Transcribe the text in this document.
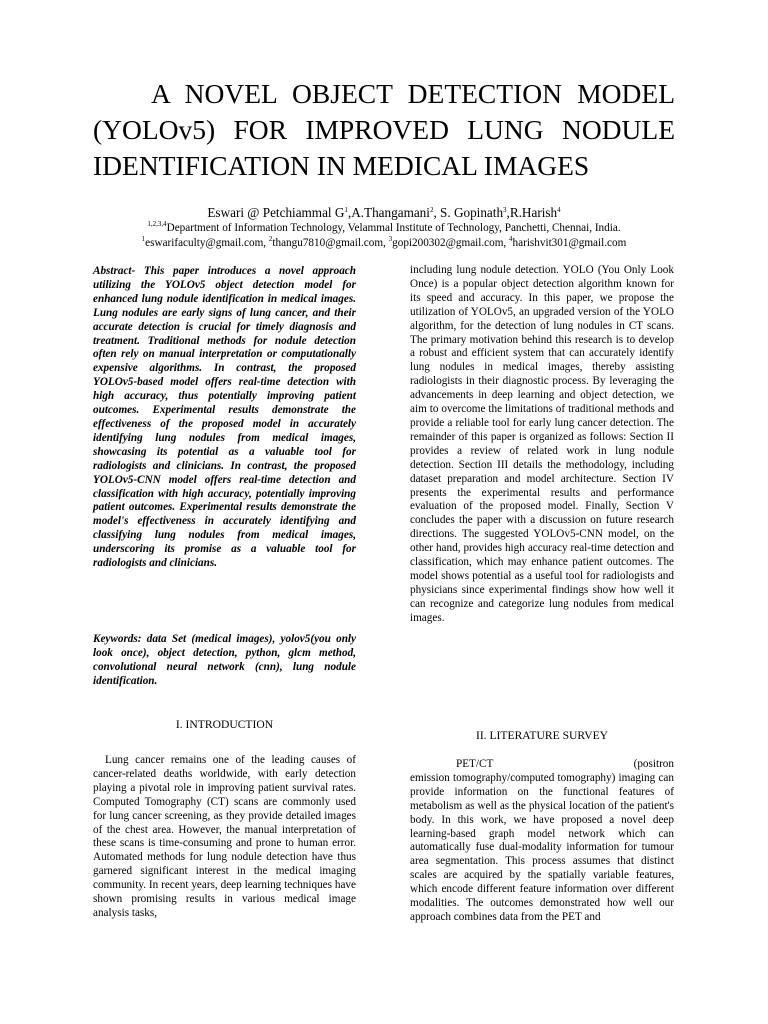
A NOVEL OBJECT DETECTION MODEL (YOLOv5) FOR IMPROVED LUNG NODULE IDENTIFICATION IN MEDICAL IMAGES
Eswari @ Petchiammal $G^1,A.Thangamani^2$, S. Gopinath$^3$,R.Harish$^4$
$^{1,2,3,4}$Department of Information Technology, Velammal Institute of Technology, Panchetti, Chennai, India.
$^1$eswarifaculty@gmail.com, $^2$thangu7810@gmail.com, $^3$gopi200302@gmail.com, $^4$harishvit301@gmail.com
Abstract- This paper introduces a novel approach utilizing the YOLOv5 object detection model for enhanced lung nodule identification in medical images. Lung nodules are early signs of lung cancer, and their accurate detection is crucial for timely diagnosis and treatment. Traditional methods for nodule detection often rely on manual interpretation or computationally expensive algorithms. In contrast, the proposed YOLOv5-based model offers real-time detection with high accuracy, thus potentially improving patient outcomes. Experimental results demonstrate the effectiveness of the proposed model in accurately identifying lung nodules from medical images, showcasing its potential as a valuable tool for radiologists and clinicians. In contrast, the proposed YOLOv5-CNN model offers real-time detection and classification with high accuracy, potentially improving patient outcomes. Experimental results demonstrate the model's effectiveness in accurately identifying and classifying lung nodules from medical images, underscoring its promise as a valuable tool for radiologists and clinicians.
Keywords: data Set (medical images), yolov5(you only look once), object detection, python, glcm method, convolutional neural network (cnn), lung nodule identification.
I. INTRODUCTION
Lung cancer remains one of the leading causes of cancer-related deaths worldwide, with early detection playing a pivotal role in improving patient survival rates. Computed Tomography (CT) scans are commonly used for lung cancer screening, as they provide detailed images of the chest area. However, the manual interpretation of these scans is time-consuming and prone to human error. Automated methods for lung nodule detection have thus garnered significant interest in the medical imaging community. In recent years, deep learning techniques have shown promising results in various medical image analysis tasks,
including lung nodule detection. YOLO (You Only Look Once) is a popular object detection algorithm known for its speed and accuracy. In this paper, we propose the utilization of YOLOv5, an upgraded version of the YOLO algorithm, for the detection of lung nodules in CT scans. The primary motivation behind this research is to develop a robust and efficient system that can accurately identify lung nodules in medical images, thereby assisting radiologists in their diagnostic process. By leveraging the advancements in deep learning and object detection, we aim to overcome the limitations of traditional methods and provide a reliable tool for early lung cancer detection. The remainder of this paper is organized as follows: Section II provides a review of related work in lung nodule detection. Section III details the methodology, including dataset preparation and model architecture. Section IV presents the experimental results and performance evaluation of the proposed model. Finally, Section V concludes the paper with a discussion on future research directions. The suggested YOLOv5-CNN model, on the other hand, provides high accuracy real-time detection and classification, which may enhance patient outcomes. The model shows potential as a useful tool for radiologists and physicians since experimental findings show how well it can recognize and categorize lung nodules from medical images.
II. LITERATURE SURVEY
PET/CT (positron emission tomography/computed tomography) imaging can provide information on the functional features of metabolism as well as the physical location of the patient's body. In this work, we have proposed a novel deep learning-based graph model network which can automatically fuse dual-modality information for tumour area segmentation. This process assumes that distinct scales are acquired by the spatially variable features, which encode different feature information over different modalities. The outcomes demonstrated how well our approach combines data from the PET and
